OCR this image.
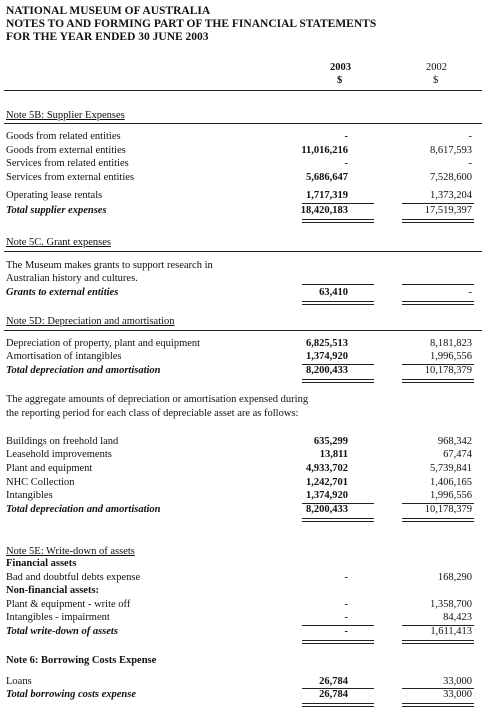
NATIONAL MUSEUM OF AUSTRALIA
NOTES TO AND FORMING PART OF THE FINANCIAL STATEMENTS
FOR THE YEAR ENDED 30 JUNE 2003
2003	2002
$	$
Note 5B: Supplier Expenses
Goods from related entities	-	-
Goods from external entities	11,016,216	8,617,593
Services from related entities	-	-
Services from external entities	5,686,647	7,528,600
Operating lease rentals	1,717,319	1,373,204
Total supplier expenses	18,420,183	17,519,397
Note 5C. Grant expenses
The Museum makes grants to support research in
Australian history and cultures.
Grants to external entities	63,410	-
Note 5D: Depreciation and amortisation
Depreciation of property, plant and equipment	6,825,513	8,181,823
Amortisation of intangibles	1,374,920	1,996,556
Total depreciation and amortisation	8,200,433	10,178,379
The aggregate amounts of depreciation or amortisation expensed during
the reporting period for each class of depreciable asset are as follows:
Buildings on freehold land	635,299	968,342
Leasehold improvements	13,811	67,474
Plant and equipment	4,933,702	5,739,841
NHC Collection	1,242,701	1,406,165
Intangibles	1,374,920	1,996,556
Total depreciation and amortisation	8,200,433	10,178,379
Note 5E: Write-down of assets
Financial assets
Bad and doubtful debts expense	-	168,290
Non-financial assets:
Plant & equipment - write off	-	1,358,700
Intangibles - impairment	-	84,423
Total write-down of assets	-	1,611,413
Note 6: Borrowing Costs Expense
Loans	26,784	33,000
Total borrowing costs expense	26,784	33,000
